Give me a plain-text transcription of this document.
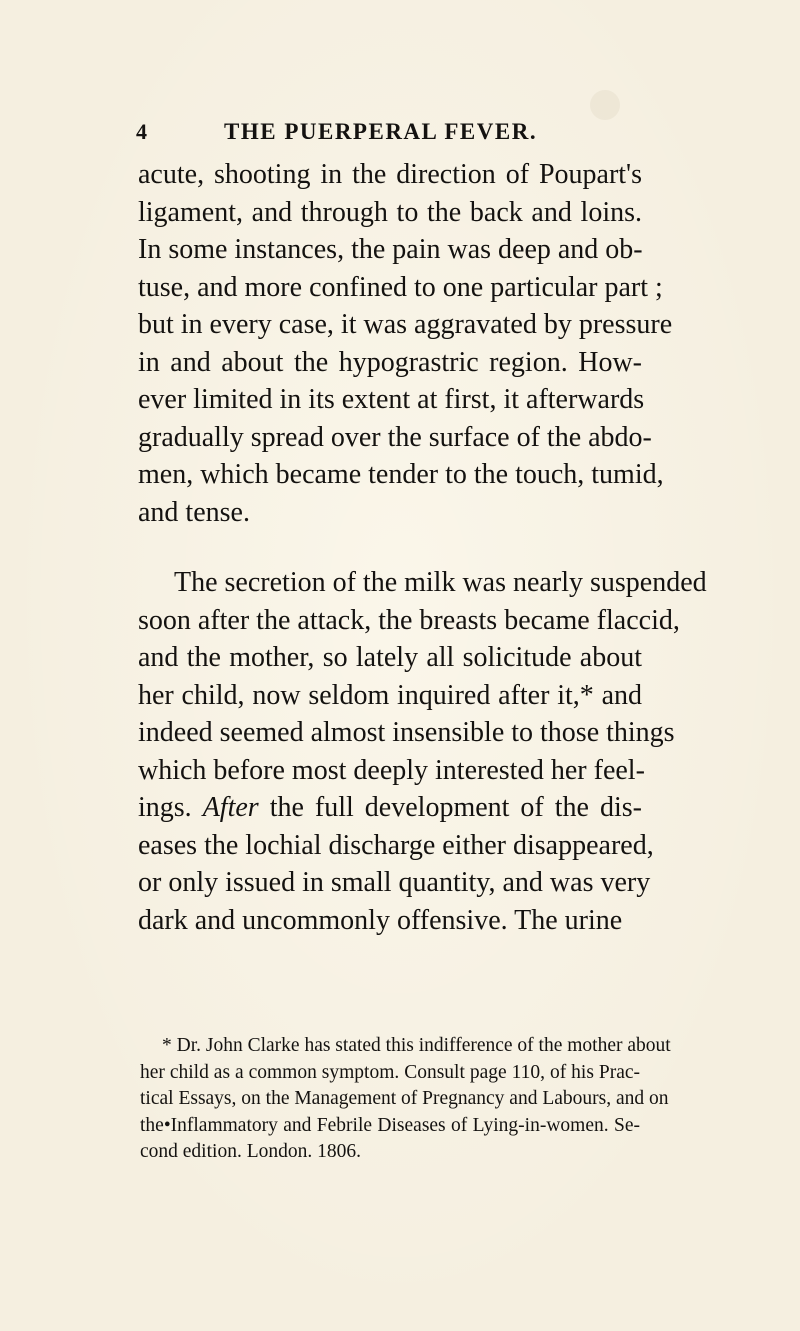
4	THE PUERPERAL FEVER.
acute, shooting in the direction of Poupart's
ligament, and through to the back and loins.
In some instances, the pain was deep and ob-
tuse, and more confined to one particular part ;
but in every case, it was aggravated by pressure
in and about the hypograstric region. How-
ever limited in its extent at first, it afterwards
gradually spread over the surface of the abdo-
men, which became tender to the touch, tumid,
and tense.
The secretion of the milk was nearly suspended
soon after the attack, the breasts became flaccid,
and the mother, so lately all solicitude about
her child, now seldom inquired after it,* and
indeed seemed almost insensible to those things
which before most deeply interested her feel-
ings. After the full development of the dis-
eases the lochial discharge either disappeared,
or only issued in small quantity, and was very
dark and uncommonly offensive. The urine
* Dr. John Clarke has stated this indifference of the mother about
her child as a common symptom. Consult page 110, of his Prac-
tical Essays, on the Management of Pregnancy and Labours, and on
the•Inflammatory and Febrile Diseases of Lying-in-women. Se-
cond edition. London. 1806.
